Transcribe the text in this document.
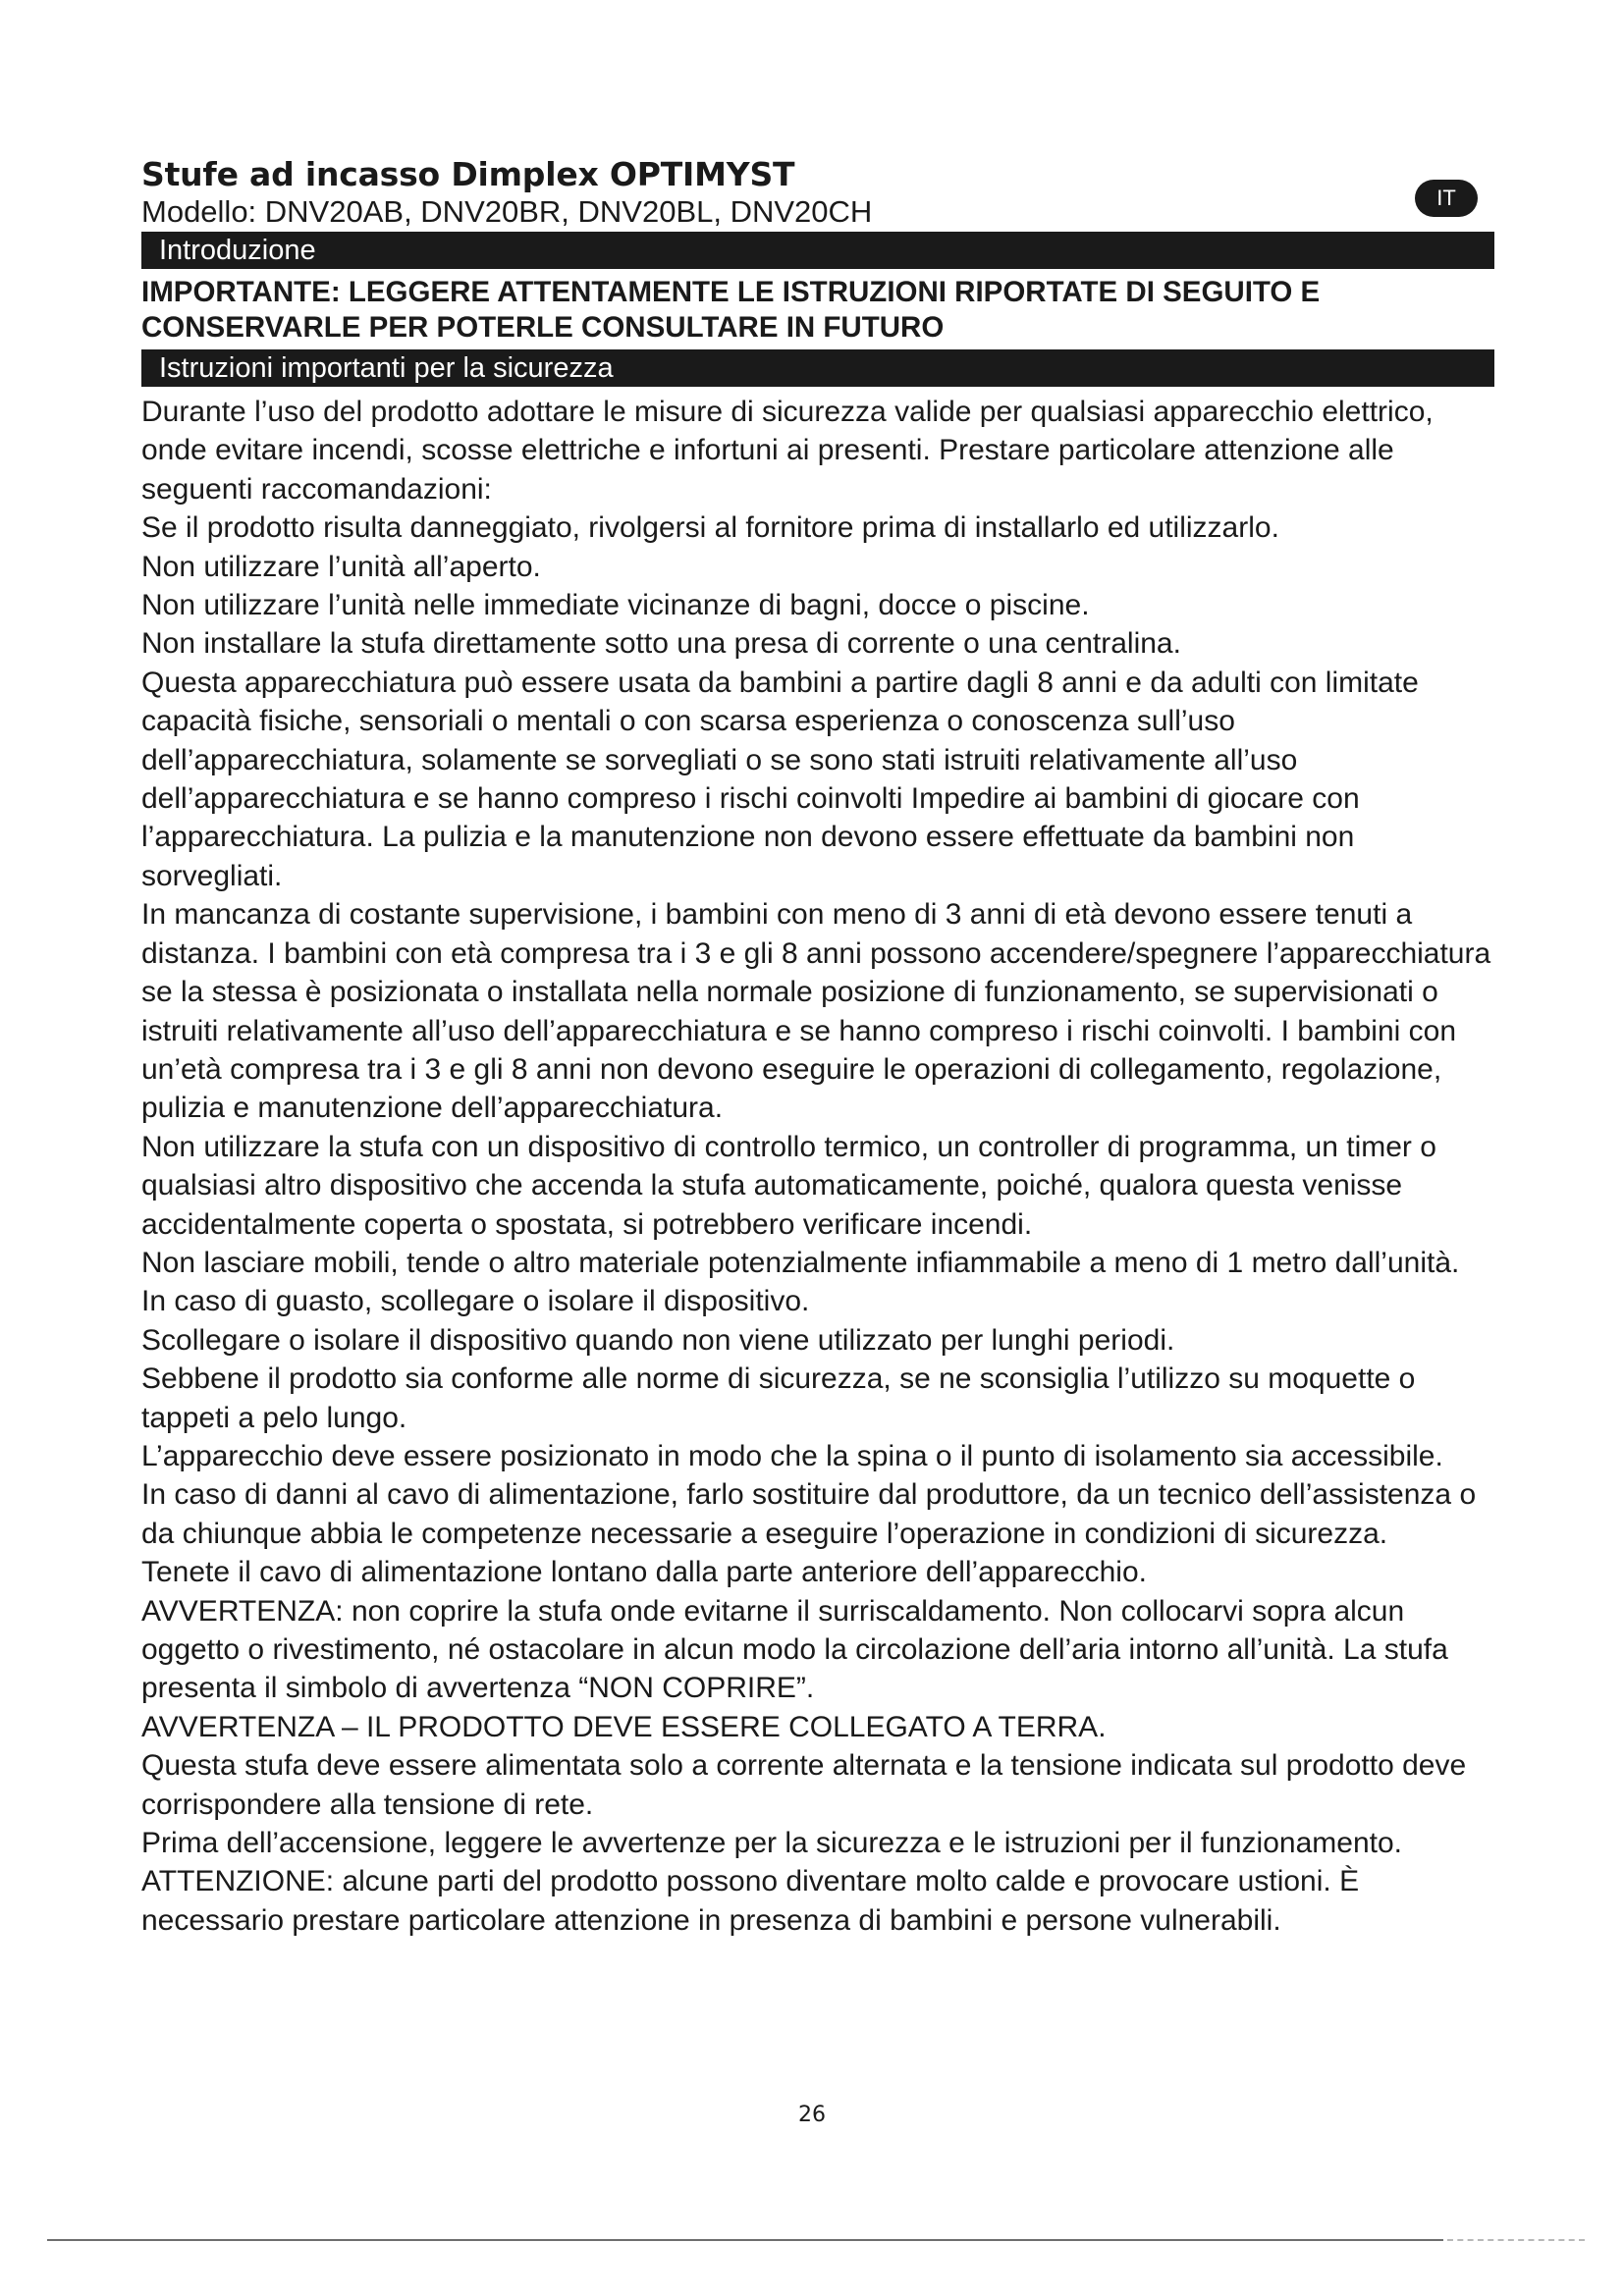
IT
Stufe ad incasso Dimplex OPTIMYST
Modello: DNV20AB, DNV20BR, DNV20BL, DNV20CH
Introduzione
IMPORTANTE: LEGGERE ATTENTAMENTE LE ISTRUZIONI RIPORTATE DI SEGUITO E CONSERVARLE PER POTERLE CONSULTARE IN FUTURO
Istruzioni importanti per la sicurezza

Durante l’uso del prodotto adottare le misure di sicurezza valide per qualsiasi apparecchio elettrico, onde evitare incendi, scosse elettriche e infortuni ai presenti. Prestare particolare attenzione alle seguenti raccomandazioni:

Se il prodotto risulta danneggiato, rivolgersi al fornitore prima di installarlo ed utilizzarlo.

Non utilizzare l’unità all’aperto.

Non utilizzare l’unità nelle immediate vicinanze di bagni, docce o piscine.

Non installare la stufa direttamente sotto una presa di corrente o una centralina.

Questa apparecchiatura può essere usata da bambini a partire dagli 8 anni e da adulti con limitate capacità fisiche, sensoriali o mentali o con scarsa esperienza o conoscenza sull’uso dell’apparecchiatura, solamente se sorvegliati o se sono stati istruiti relativamente all’uso dell’apparecchiatura e se hanno compreso i rischi coinvolti Impedire ai bambini di giocare con l’apparecchiatura. La pulizia e la manutenzione non devono essere effettuate da bambini non sorvegliati.

In mancanza di costante supervisione, i bambini con meno di 3 anni di età devono essere tenuti a distanza. I bambini con età compresa tra i 3 e gli 8 anni possono accendere/spegnere l’apparecchiatura se la stessa è posizionata o installata nella normale posizione di funzionamento, se supervisionati o istruiti relativamente all’uso dell’apparecchiatura e se hanno compreso i rischi coinvolti. I bambini con un’età compresa tra i 3 e gli 8 anni non devono eseguire le operazioni di collegamento, regolazione, pulizia e manutenzione dell’apparecchiatura.

Non utilizzare la stufa con un dispositivo di controllo termico, un controller di programma, un timer o qualsiasi altro dispositivo che accenda la stufa automaticamente, poiché, qualora questa venisse accidentalmente coperta o spostata, si potrebbero verificare incendi.

Non lasciare mobili, tende o altro materiale potenzialmente infiammabile a meno di 1 metro dall’unità.

In caso di guasto, scollegare o isolare il dispositivo.

Scollegare o isolare il dispositivo quando non viene utilizzato per lunghi periodi.

Sebbene il prodotto sia conforme alle norme di sicurezza, se ne sconsiglia l’utilizzo su moquette o tappeti a pelo lungo.

L’apparecchio deve essere posizionato in modo che la spina o il punto di isolamento sia accessibile.

In caso di danni al cavo di alimentazione, farlo sostituire dal produttore, da un tecnico dell’assistenza o da chiunque abbia le competenze necessarie a eseguire l’operazione in condizioni di sicurezza.

Tenete il cavo di alimentazione lontano dalla parte anteriore dell’apparecchio.

AVVERTENZA: non coprire la stufa onde evitarne il surriscaldamento. Non collocarvi sopra alcun oggetto o rivestimento, né ostacolare in alcun modo la circolazione dell’aria intorno all’unità. La stufa presenta il simbolo di avvertenza “NON COPRIRE”.

AVVERTENZA – IL PRODOTTO DEVE ESSERE COLLEGATO A TERRA.

Questa stufa deve essere alimentata solo a corrente alternata e la tensione indicata sul prodotto deve corrispondere alla tensione di rete.

Prima dell’accensione, leggere le avvertenze per la sicurezza e le istruzioni per il funzionamento.

ATTENZIONE: alcune parti del prodotto possono diventare molto calde e provocare ustioni. È necessario prestare particolare attenzione in presenza di bambini e persone vulnerabili.

26
